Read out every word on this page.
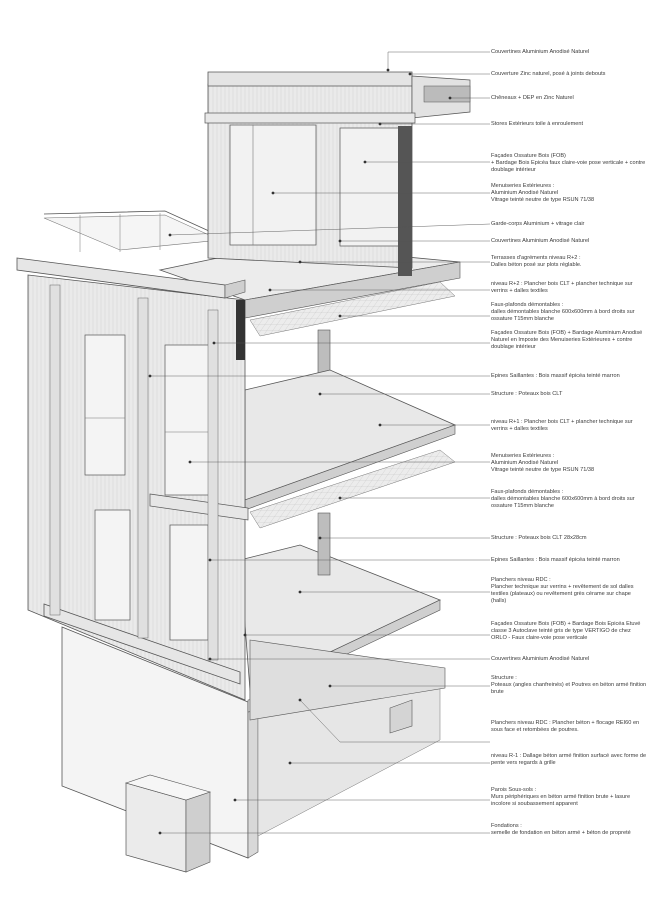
Couvertines Aluminium Anodisé Naturel
Couverture Zinc naturel, posé à joints debouts
Chêneaux + DEP en Zinc Naturel
Stores Extérieurs toile à enroulement
Façades Ossature Bois (FOB)
+ Bardage Bois Epicéa faux claire-voie pose verticale + contre doublage intérieur
Menuiseries Extérieures :
Aluminium Anodisé Naturel
Vitrage teinté neutre de type RSUN 71/38
Garde-corps Aluminium + vitrage clair
Couvertines Aluminium Anodisé Naturel
Terrasses d'agréments niveau R+2 :
Dalles béton posé sur plots réglable.
niveau R+2 : Plancher bois CLT + plancher technique sur verrins + dalles textiles
Faux-plafonds démontables :
dalles démontables blanche 600x600mm à bord droits sur ossature T15mm blanche
Façades Ossature Bois (FOB) + Bardage Aluminium Anodisé Naturel en Imposte des Menuiseries Extérieures + contre doublage intérieur
Epines Saillantes : Bois massif épicéa teinté marron
Structure : Poteaux bois CLT
niveau R+1 : Plancher bois CLT + plancher technique sur verrins + dalles textiles
Menuiseries Extérieures :
Aluminium Anodisé Naturel
Vitrage teinté neutre de type RSUN 71/38
Faux-plafonds démontables :
dalles démontables blanche 600x600mm à bord droits sur ossature T15mm blanche
Structure : Poteaux bois CLT 28x28cm
Epines Saillantes : Bois massif épicéa teinté marron
Planchers niveau RDC :
Plancher technique sur verrins + revêtement de sol dalles textiles (plateaux) ou revêtement grès cérame sur chape (halls)
Façades Ossature Bois (FOB) + Bardage Bois Epicéa Etuvé classe 3 Autoclave teinté gris de type VERTIGO de chez ORLO - Faux claire-voie pose verticale
Couvertines Aluminium Anodisé Naturel
Structure :
Poteaux (angles chanfreinés) et Poutres en béton armé finition brute
Planchers niveau RDC : Plancher béton + flocage REI60 en sous face et retombées de poutres.
niveau R-1 : Dallage béton armé finition surfacé avec forme de pente vers regards à grille
Parois Sous-sols :
Murs périphériques en béton armé finition brute + lasure incolore si soubassement apparent
Fondations :
semelle de fondation en béton armé + béton de propreté
